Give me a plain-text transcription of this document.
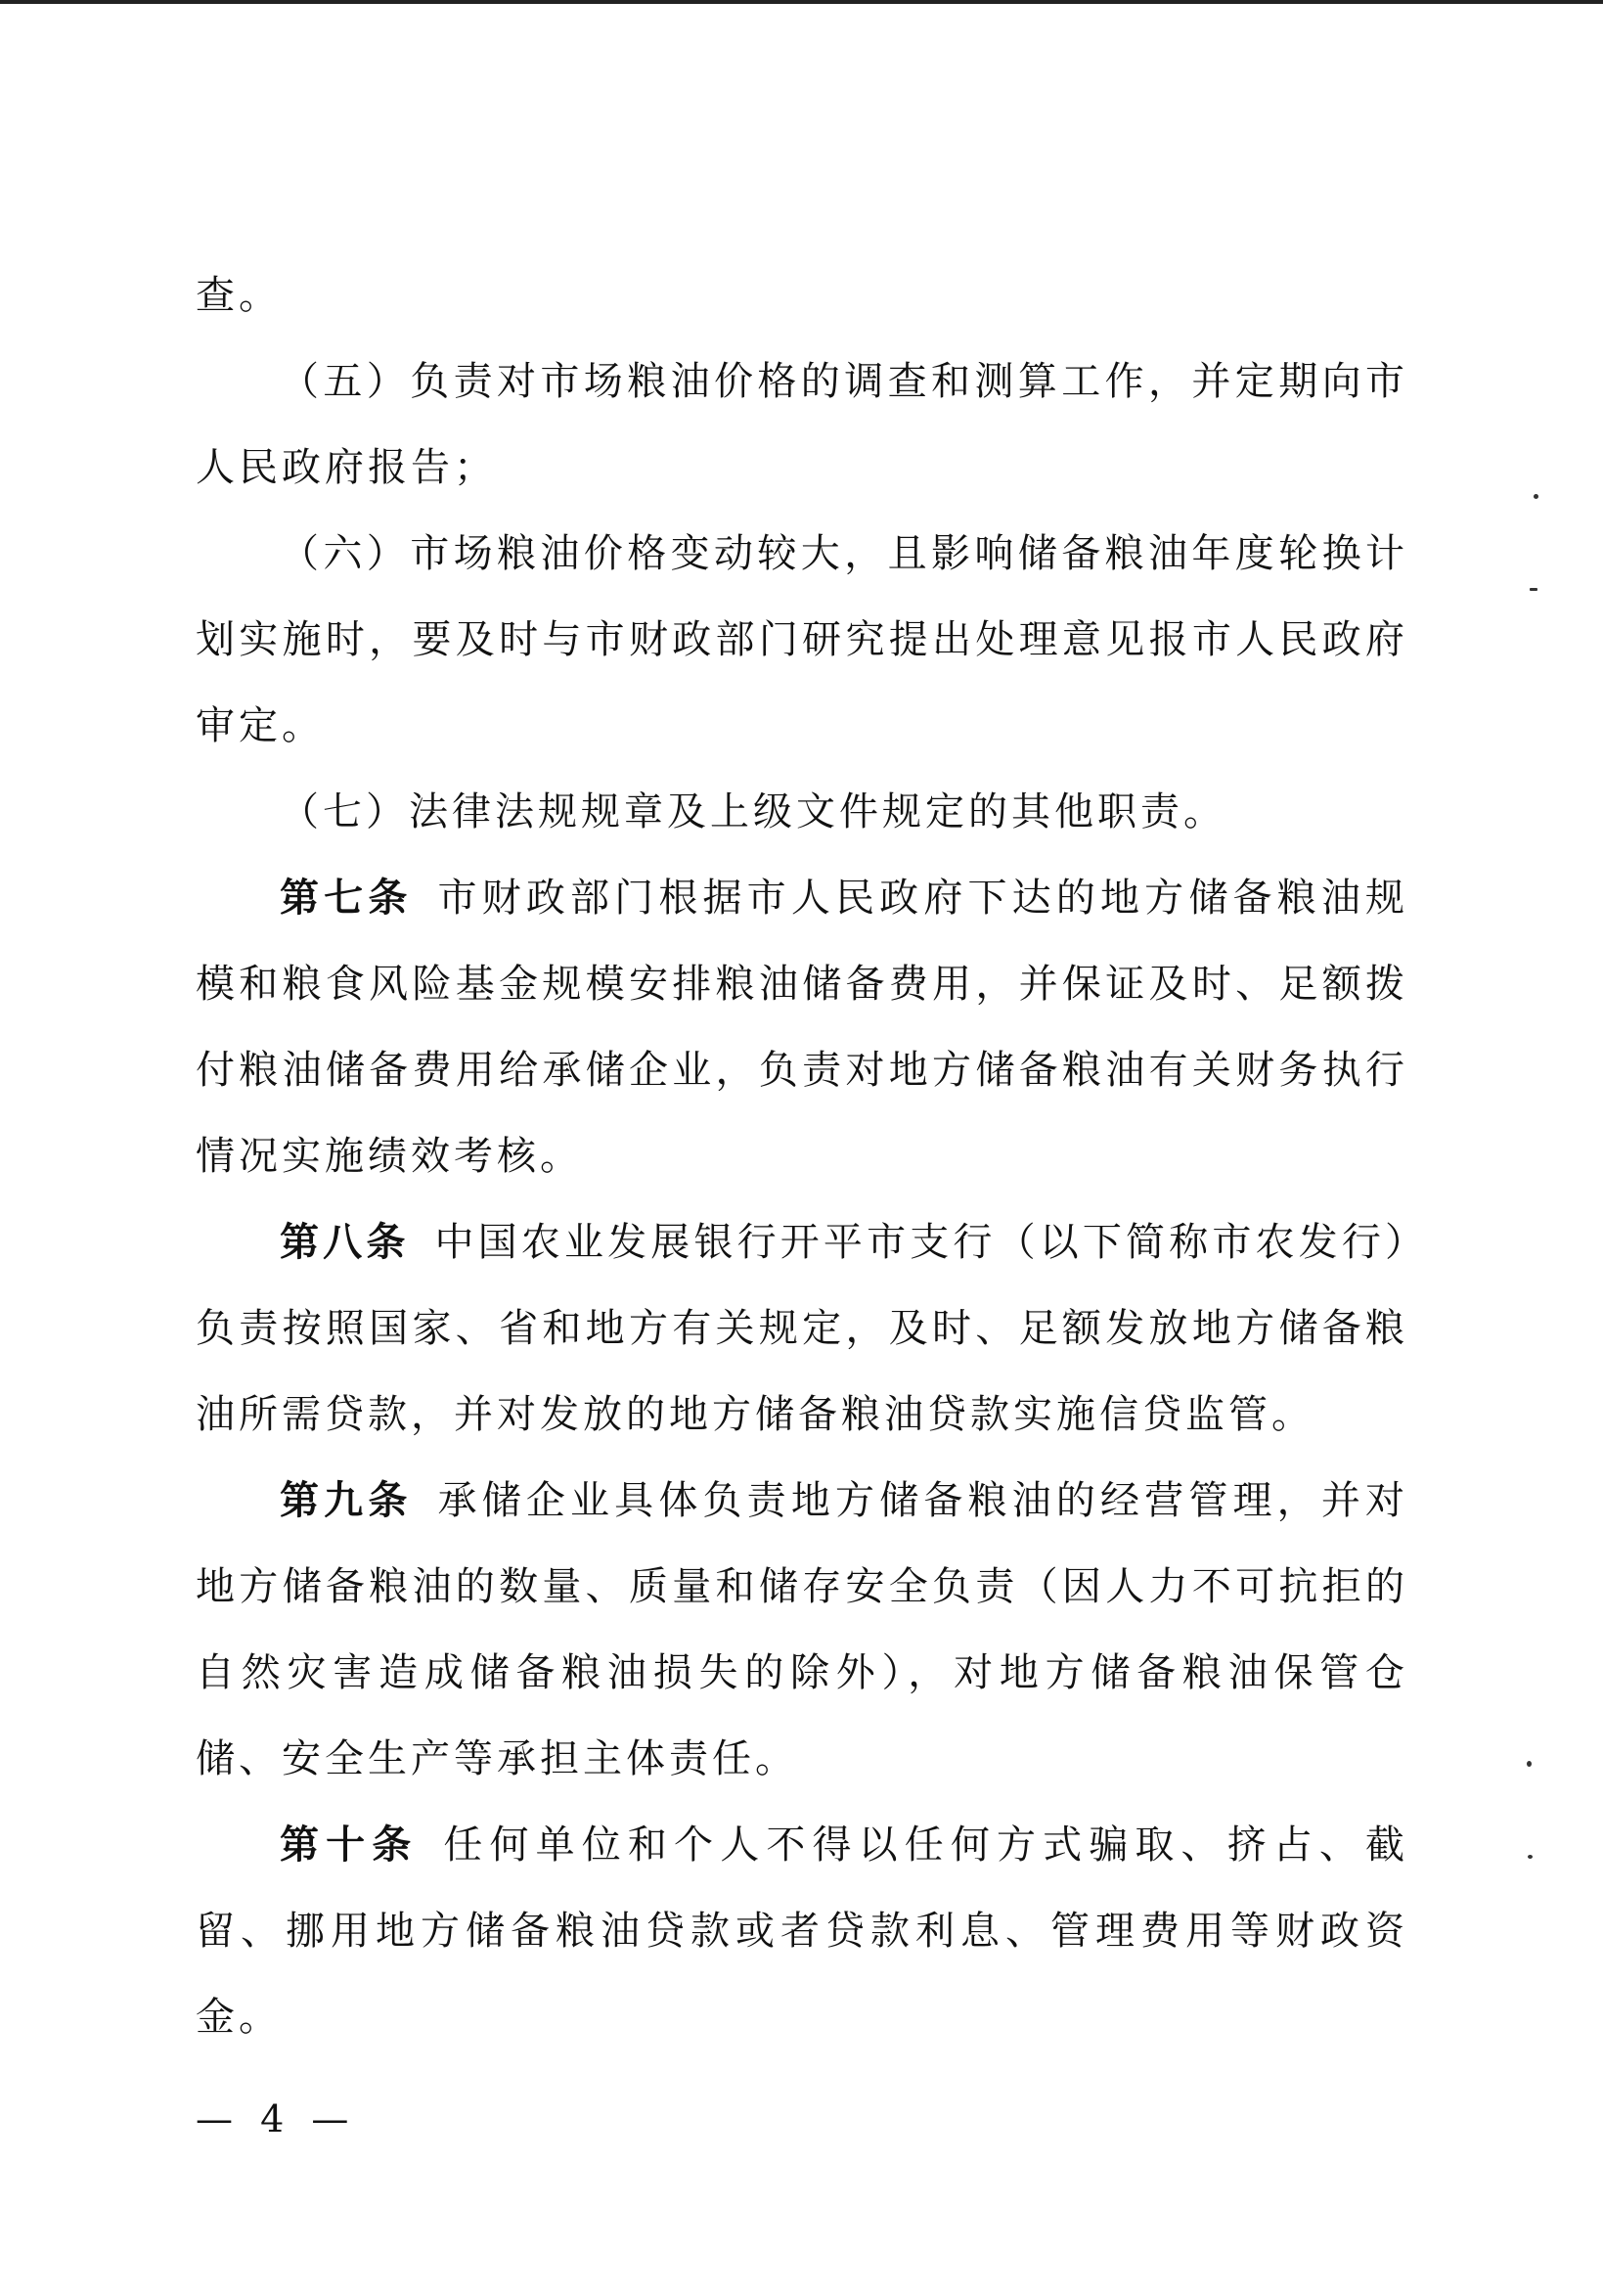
查。

（五）负责对市场粮油价格的调查和测算工作，并定期向市人民政府报告；

（六）市场粮油价格变动较大，且影响储备粮油年度轮换计划实施时，要及时与市财政部门研究提出处理意见报市人民政府审定。

（七）法律法规规章及上级文件规定的其他职责。

第七条 市财政部门根据市人民政府下达的地方储备粮油规模和粮食风险基金规模安排粮油储备费用，并保证及时、足额拨付粮油储备费用给承储企业，负责对地方储备粮油有关财务执行情况实施绩效考核。

第八条 中国农业发展银行开平市支行（以下简称市农发行）负责按照国家、省和地方有关规定，及时、足额发放地方储备粮油所需贷款，并对发放的地方储备粮油贷款实施信贷监管。

第九条 承储企业具体负责地方储备粮油的经营管理，并对地方储备粮油的数量、质量和储存安全负责（因人力不可抗拒的自然灾害造成储备粮油损失的除外），对地方储备粮油保管仓储、安全生产等承担主体责任。

第十条 任何单位和个人不得以任何方式骗取、挤占、截留、挪用地方储备粮油贷款或者贷款利息、管理费用等财政资金。

— 4 —
